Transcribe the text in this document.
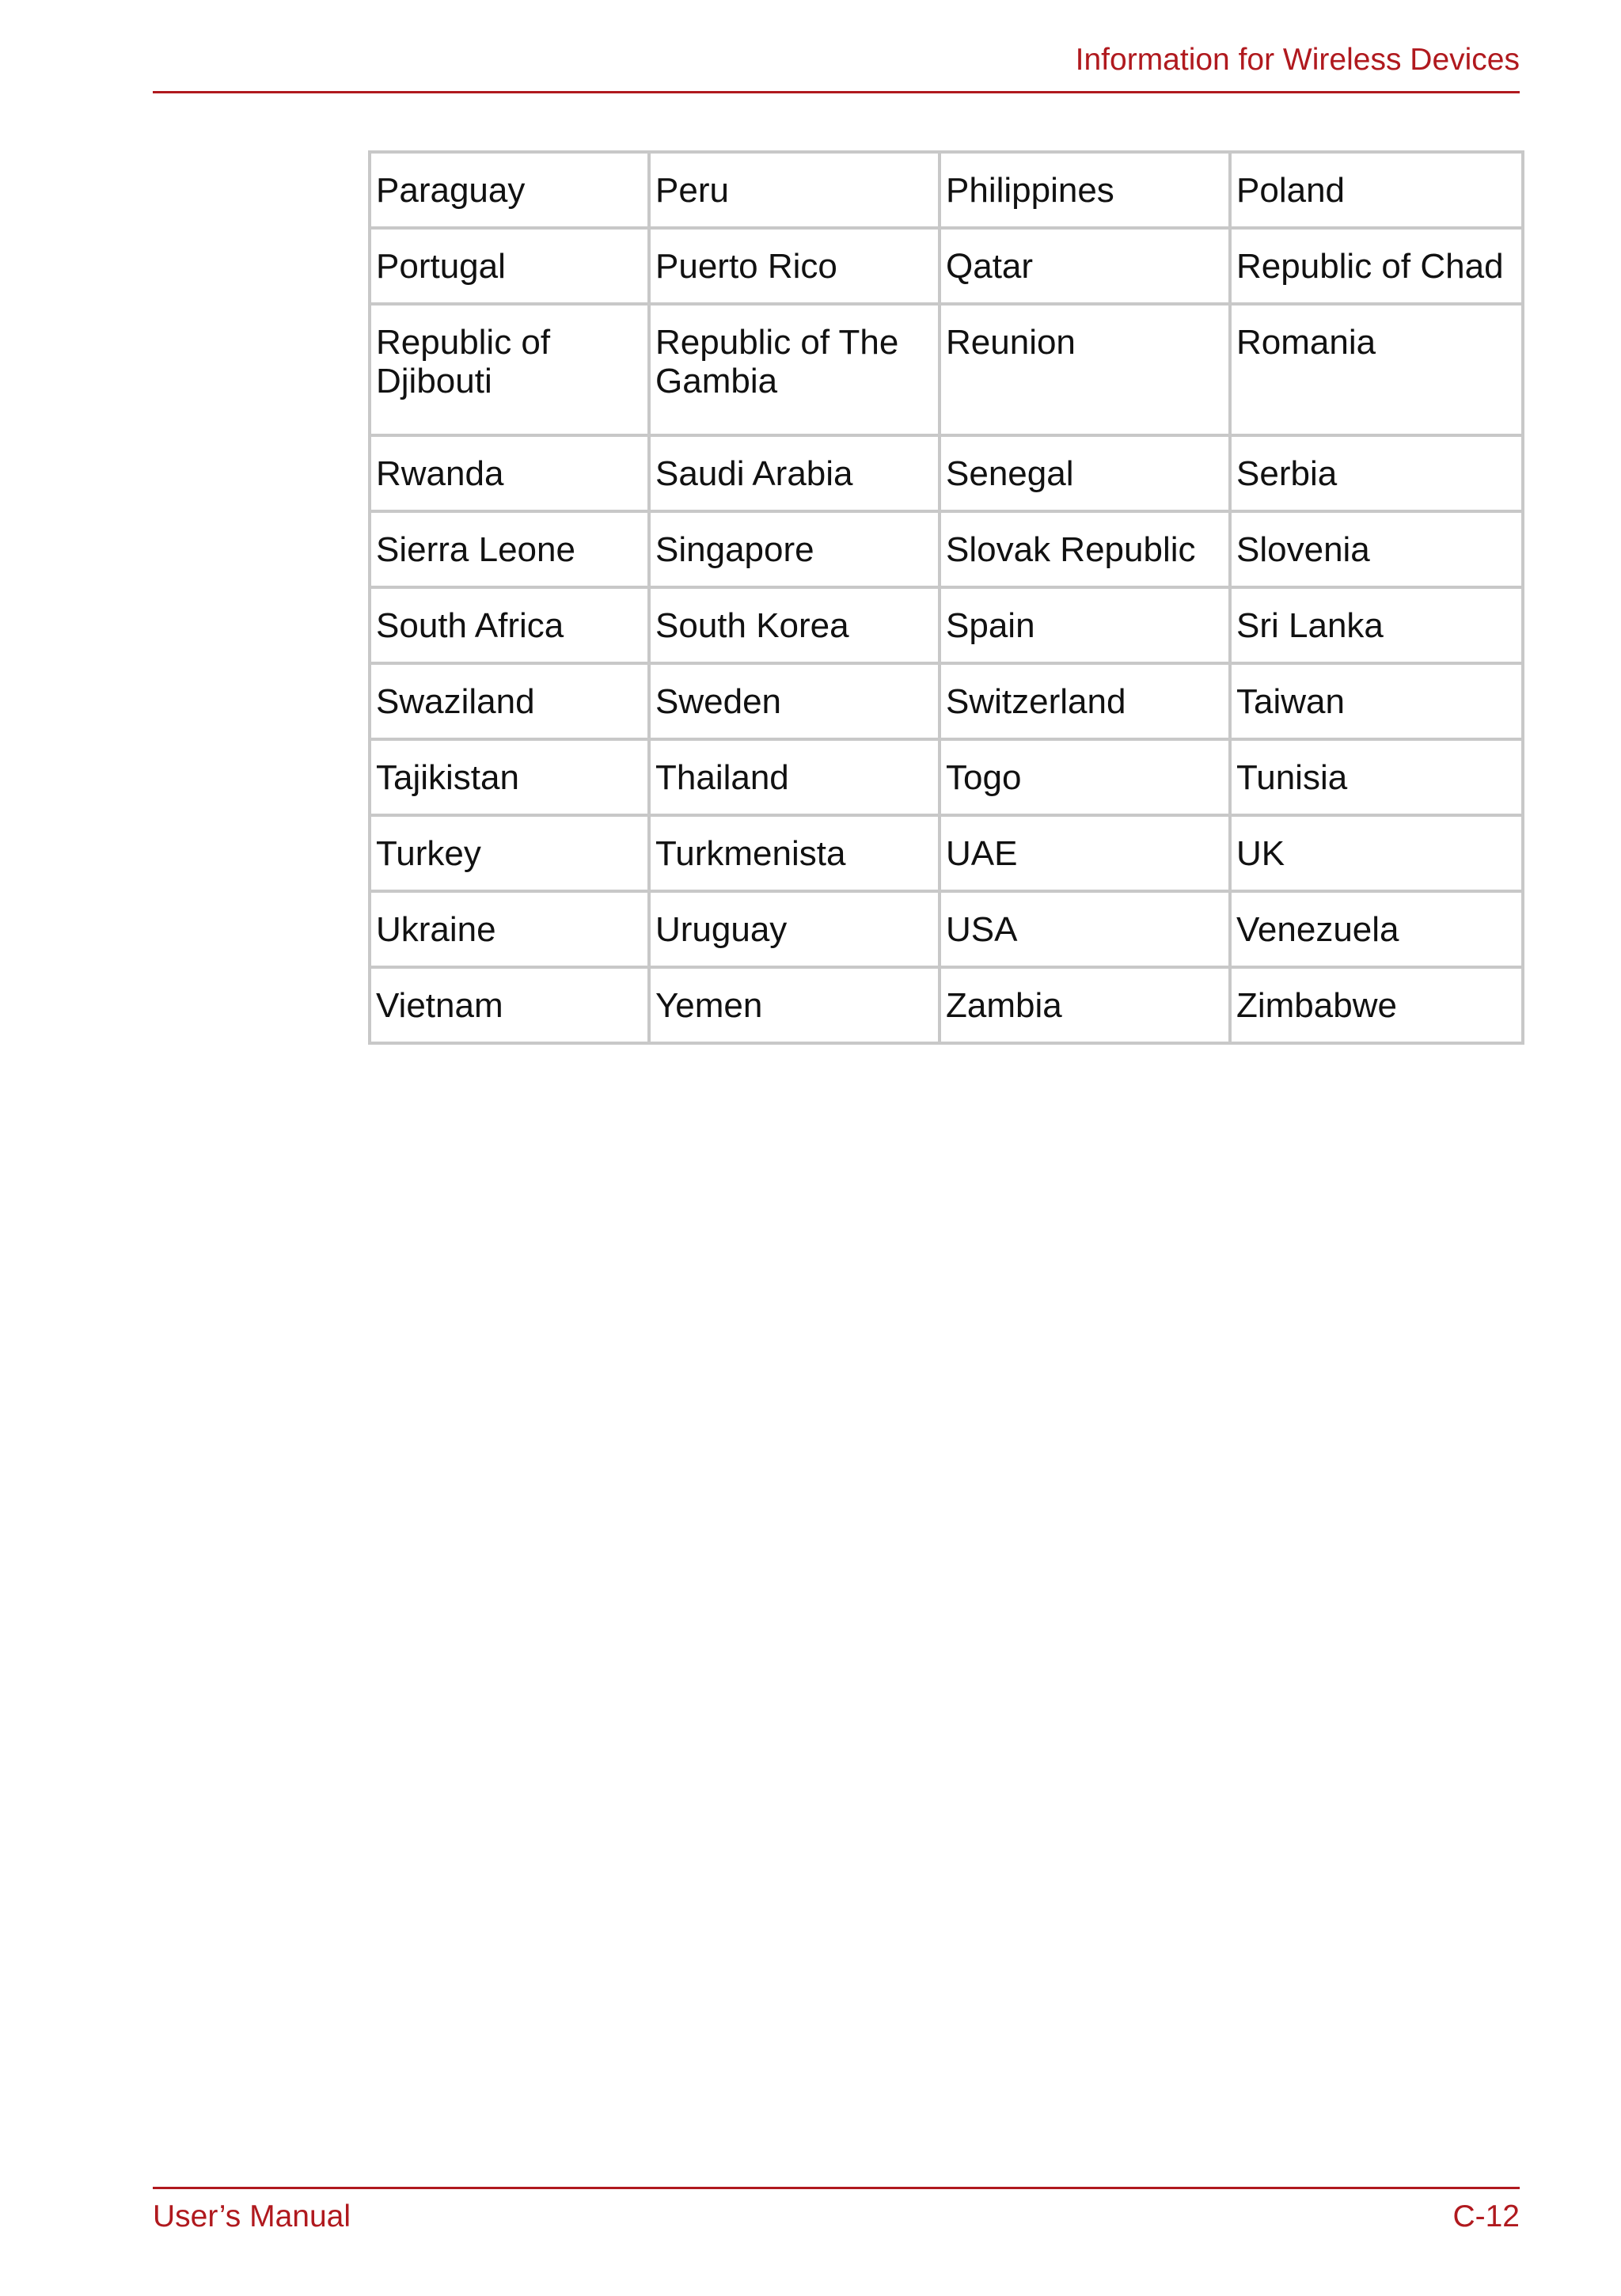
Information for Wireless Devices
Paraguay	Peru	Philippines	Poland
Portugal	Puerto Rico	Qatar	Republic of Chad
Republic of Djibouti	Republic of The Gambia	Reunion	Romania
Rwanda	Saudi Arabia	Senegal	Serbia
Sierra Leone	Singapore	Slovak Republic	Slovenia
South Africa	South Korea	Spain	Sri Lanka
Swaziland	Sweden	Switzerland	Taiwan
Tajikistan	Thailand	Togo	Tunisia
Turkey	Turkmenista	UAE	UK
Ukraine	Uruguay	USA	Venezuela
Vietnam	Yemen	Zambia	Zimbabwe
User’s Manual	C-12
